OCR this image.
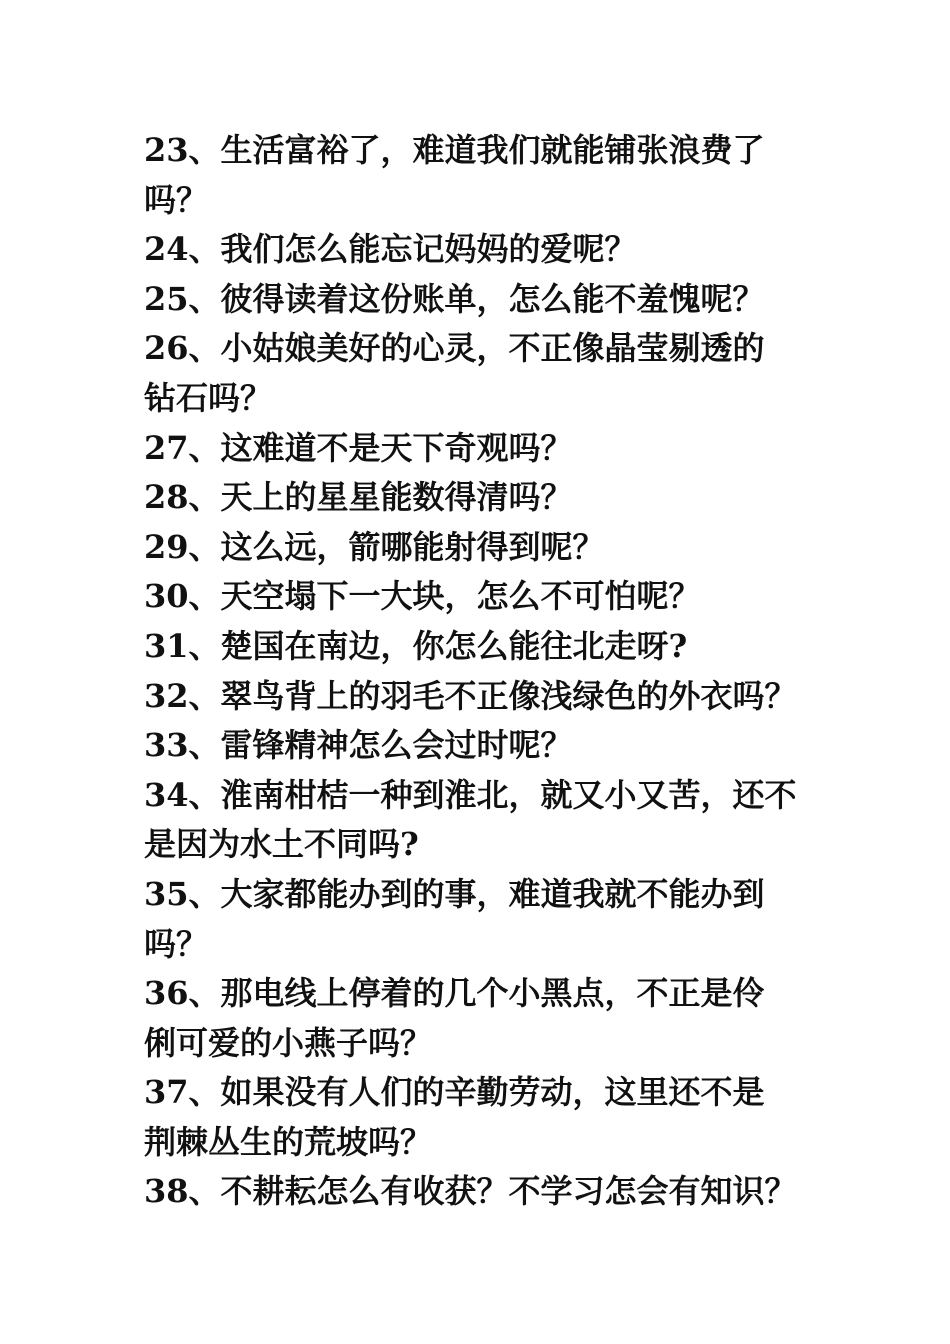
23、生活富裕了，难道我们就能铺张浪费了
吗？
24、我们怎么能忘记妈妈的爱呢？
25、彼得读着这份账单，怎么能不羞愧呢？
26、小姑娘美好的心灵，不正像晶莹剔透的
钻石吗？
27、这难道不是天下奇观吗？
28、天上的星星能数得清吗？
29、这么远，箭哪能射得到呢？
30、天空塌下一大块，怎么不可怕呢？
31、楚国在南边，你怎么能往北走呀?
32、翠鸟背上的羽毛不正像浅绿色的外衣吗？
33、雷锋精神怎么会过时呢？
34、淮南柑桔一种到淮北，就又小又苦，还不
是因为水土不同吗?
35、大家都能办到的事，难道我就不能办到
吗？
36、那电线上停着的几个小黑点，不正是伶
俐可爱的小燕子吗？
37、如果没有人们的辛勤劳动，这里还不是
荆棘丛生的荒坡吗？
38、不耕耘怎么有收获？不学习怎会有知识？
